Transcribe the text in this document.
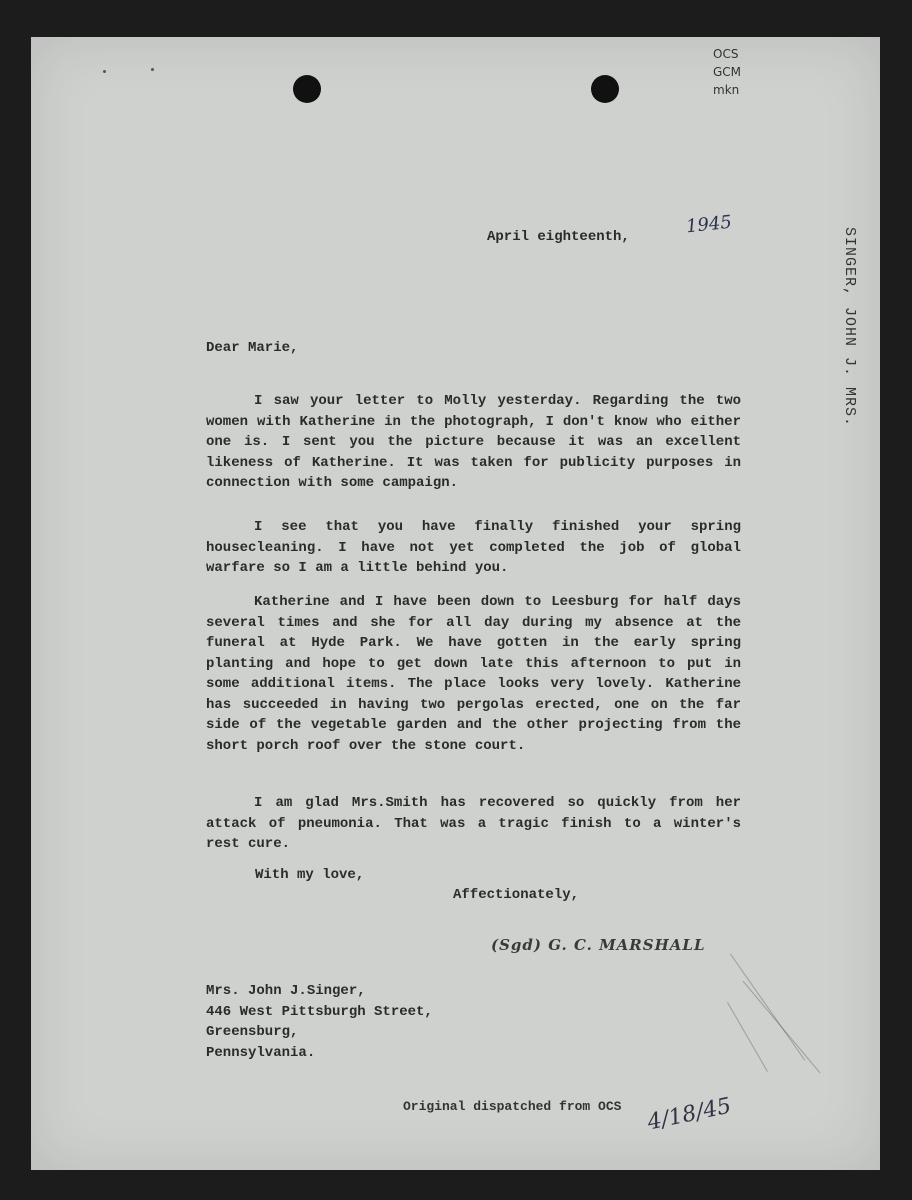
OCS
GCM
mkn
SINGER, JOHN J. MRS.
April eighteenth,	1945
Dear Marie,
I saw your letter to Molly yesterday. Regarding the two women with Katherine in the photograph, I don't know who either one is. I sent you the picture because it was an excellent likeness of Katherine. It was taken for publicity purposes in connection with some campaign.
I see that you have finally finished your spring housecleaning. I have not yet completed the job of global warfare so I am a little behind you.
Katherine and I have been down to Leesburg for half days several times and she for all day during my absence at the funeral at Hyde Park. We have gotten in the early spring planting and hope to get down late this afternoon to put in some additional items. The place looks very lovely. Katherine has succeeded in having two pergolas erected, one on the far side of the vegetable garden and the other projecting from the short porch roof over the stone court.
I am glad Mrs.Smith has recovered so quickly from her attack of pneumonia. That was a tragic finish to a winter's rest cure.
With my love,
Affectionately,
(Sgd) G. C. MARSHALL
Mrs. John J.Singer,
446 West Pittsburgh Street,
Greensburg,
Pennsylvania.
Original dispatched from OCS 4/18/45
